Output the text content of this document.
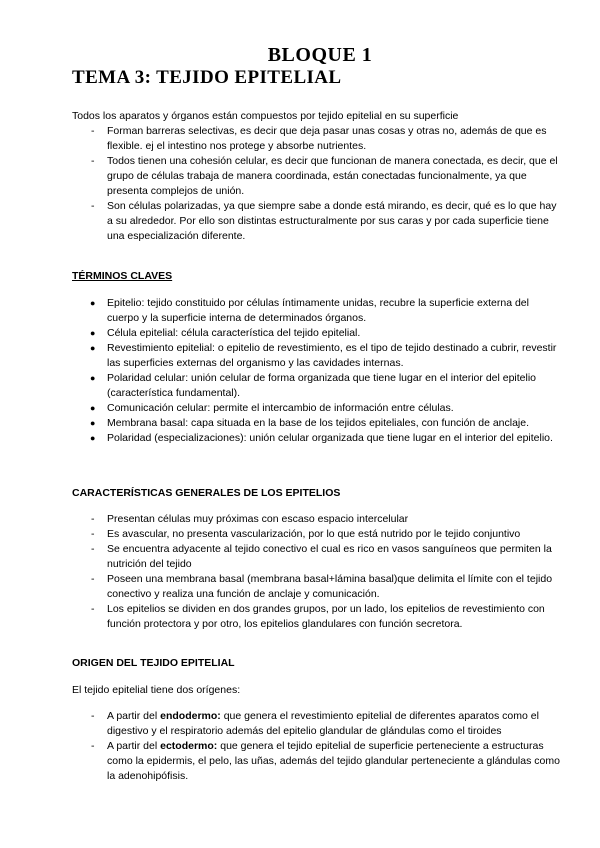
BLOQUE 1
TEMA 3: TEJIDO EPITELIAL
Todos los aparatos y órganos están compuestos por tejido epitelial en su superficie
- Forman barreras selectivas, es decir que deja pasar unas cosas y otras no, además de que es flexible. ej el intestino nos protege y absorbe nutrientes.
- Todos tienen una cohesión celular, es decir que funcionan de manera conectada, es decir, que el grupo de células trabaja de manera coordinada, están conectadas funcionalmente, ya que presenta complejos de unión.
- Son células polarizadas, ya que siempre sabe a donde está mirando, es decir, qué es lo que hay a su alrededor. Por ello son distintas estructuralmente por sus caras y por cada superficie tiene una especialización diferente.
TÉRMINOS CLAVES
● Epitelio: tejido constituido por células íntimamente unidas, recubre la superficie externa del cuerpo y la superficie interna de determinados órganos.
● Célula epitelial: célula característica del tejido epitelial.
● Revestimiento epitelial: o epitelio de revestimiento, es el tipo de tejido destinado a cubrir, revestir las superficies externas del organismo y las cavidades internas.
● Polaridad celular: unión celular de forma organizada que tiene lugar en el interior del epitelio (característica fundamental).
● Comunicación celular: permite el intercambio de información entre células.
● Membrana basal: capa situada en la base de los tejidos epiteliales, con función de anclaje.
● Polaridad (especializaciones): unión celular organizada que tiene lugar en el interior del epitelio.
CARACTERÍSTICAS GENERALES DE LOS EPITELIOS
- Presentan células muy próximas con escaso espacio intercelular
- Es avascular, no presenta vascularización, por lo que está nutrido por le tejido conjuntivo
- Se encuentra adyacente al tejido conectivo el cual es rico en vasos sanguíneos que permiten la nutrición del tejido
- Poseen una membrana basal (membrana basal+lámina basal)que delimita el límite con el tejido conectivo y realiza una función de anclaje y comunicación.
- Los epitelios se dividen en dos grandes grupos, por un lado, los epitelios de revestimiento con función protectora y por otro, los epitelios glandulares con función secretora.
ORIGEN DEL TEJIDO EPITELIAL
El tejido epitelial tiene dos orígenes:
- A partir del endodermo: que genera el revestimiento epitelial de diferentes aparatos como el digestivo y el respiratorio además del epitelio glandular de glándulas como el tiroides
- A partir del ectodermo: que genera el tejido epitelial de superficie perteneciente a estructuras como la epidermis, el pelo, las uñas, además del tejido glandular perteneciente a glándulas como la adenohipófisis.
